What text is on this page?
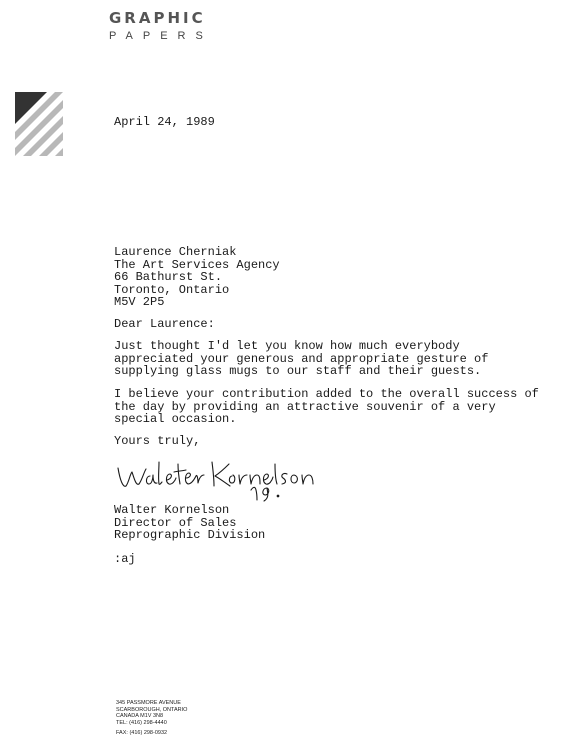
GRAPHIC
PAPERS
April 24, 1989
Laurence Cherniak
The Art Services Agency
66 Bathurst St.
Toronto, Ontario
M5V 2P5
Dear Laurence:
Just thought I'd let you know how much everybody
appreciated your generous and appropriate gesture of
supplying glass mugs to our staff and their guests.
I believe your contribution added to the overall success of
the day by providing an attractive souvenir of a very
special occasion.
Yours truly,
Walter Kornelson
Director of Sales
Reprographic Division
:aj
345 PASSMORE AVENUE
SCARBOROUGH, ONTARIO
CANADA M1V 3N8
TEL: (416) 298-4440
FAX: (416) 298-0932
